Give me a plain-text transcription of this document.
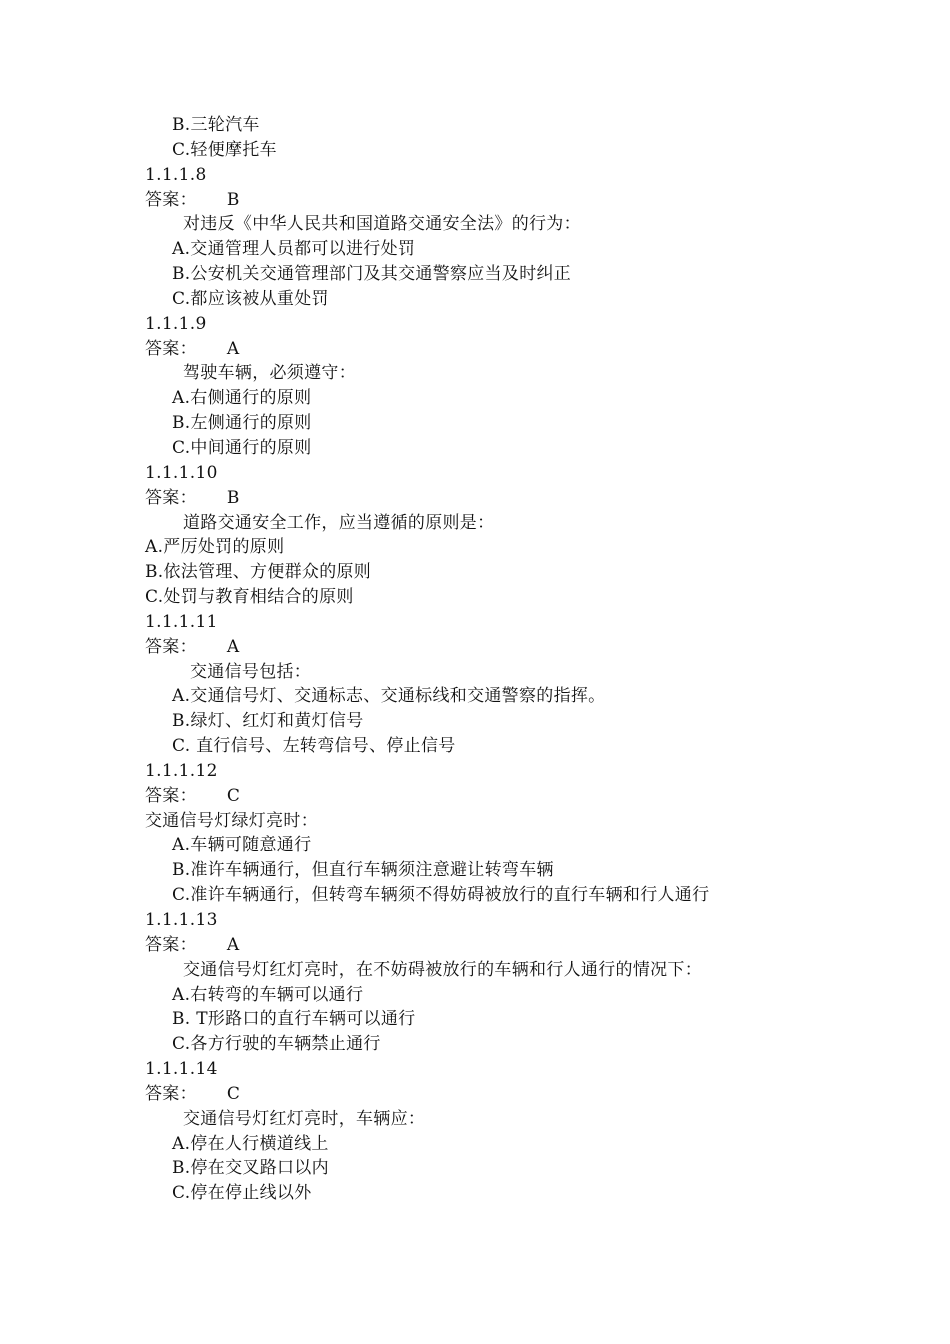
B.三轮汽车
C.轻便摩托车
1.1.1.8
答案： B
对违反《中华人民共和国道路交通安全法》的行为：
A.交通管理人员都可以进行处罚
B.公安机关交通管理部门及其交通警察应当及时纠正
C.都应该被从重处罚
1.1.1.9
答案： A
驾驶车辆，必须遵守：
A.右侧通行的原则
B.左侧通行的原则
C.中间通行的原则
1.1.1.10
答案： B
道路交通安全工作，应当遵循的原则是：
A.严厉处罚的原则
B.依法管理、方便群众的原则
C.处罚与教育相结合的原则
1.1.1.11
答案： A
交通信号包括：
A.交通信号灯、交通标志、交通标线和交通警察的指挥。
B.绿灯、红灯和黄灯信号
C. 直行信号、左转弯信号、停止信号
1.1.1.12
答案： C
交通信号灯绿灯亮时：
A.车辆可随意通行
B.准许车辆通行，但直行车辆须注意避让转弯车辆
C.准许车辆通行，但转弯车辆须不得妨碍被放行的直行车辆和行人通行
1.1.1.13
答案： A
交通信号灯红灯亮时，在不妨碍被放行的车辆和行人通行的情况下：
A.右转弯的车辆可以通行
B. T形路口的直行车辆可以通行
C.各方行驶的车辆禁止通行
1.1.1.14
答案： C
交通信号灯红灯亮时，车辆应：
A.停在人行横道线上
B.停在交叉路口以内
C.停在停止线以外
